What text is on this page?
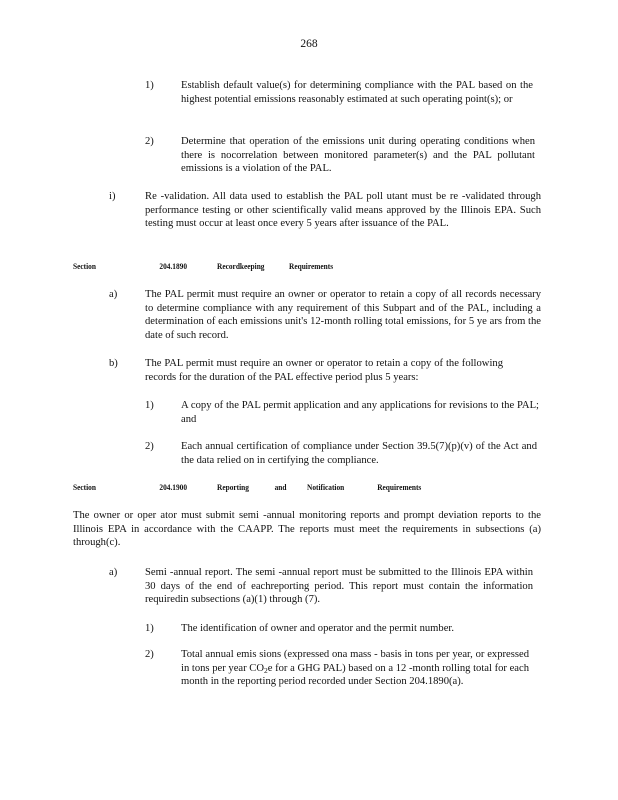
268
1)	Establish default value(s) for determining compliance with the PAL based on the highest potential emissions reasonably estimated at such operating point(s); or

2)	Determine that operation of the emissions unit during operating conditions when there is nocorrelation between monitored parameter(s) and the PAL pollutant emissions is a violation of the PAL.

i)	Re -validation. All data used to establish the PAL poll utant must be re -validated through performance testing or other scientifically valid means approved by the Illinois EPA. Such testing must occur at least once every 5 years after issuance of the PAL.

Section	204.1890	Recordkeeping	Requirements
a)	The PAL permit must require an owner or operator to retain a copy of all records necessary to determine compliance with any requirement of this Subpart and of the PAL, including a determination of each emissions unit's 12-month rolling total emissions, for 5 ye ars from the date of such record.

b)	The PAL permit must require an owner or operator to retain a copy of the following records for the duration of the PAL effective period plus 5 years:

1)	A copy of the PAL permit application and any applications for revisions to the PAL; and

2)	Each annual certification of compliance under Section 39.5(7)(p)(v) of the Act and the data relied on in certifying the compliance.

Section	204.1900	Reporting	and	Notification	Requirements

The owner or oper ator must submit semi -annual monitoring reports and prompt deviation reports to the Illinois EPA in accordance with the CAAPP. The reports must meet the requirements in subsections (a) through(c).

a)	Semi -annual report. The semi -annual report must be submitted to the Illinois EPA within 30 days of the end of eachreporting period. This report must contain the information requiredin subsections (a)(1) through (7).

1)	The identification of owner and operator and the permit number.

2)	Total annual emis sions (expressed ona mass - basis in tons per year, or expressed in tons per year CO2e for a GHG PAL) based on a 12 -month rolling total for each month in the reporting period recorded under Section 204.1890(a).
